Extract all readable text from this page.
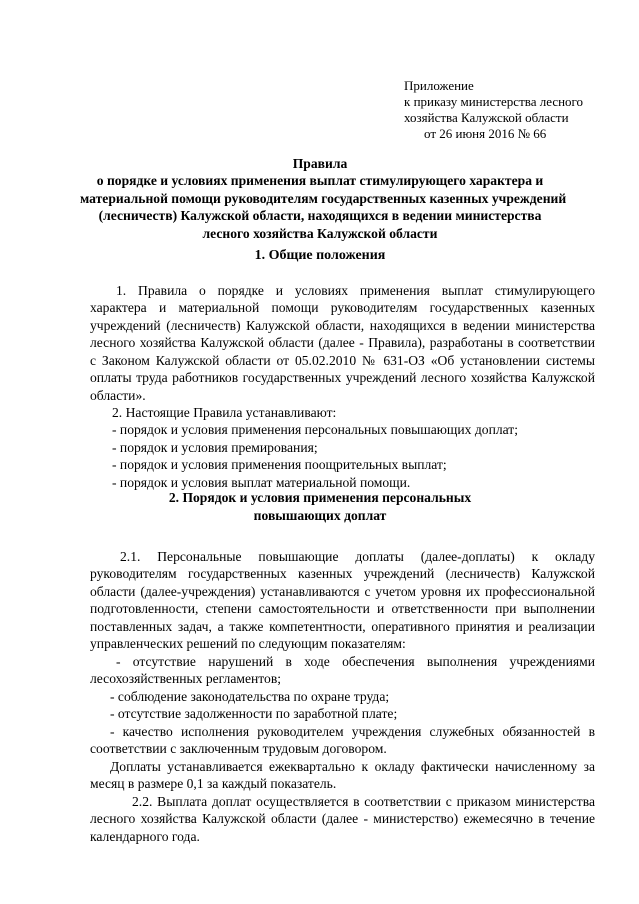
Приложение
к приказу министерства лесного
хозяйства Калужской области
от 26 июня 2016 № 66
Правила
о порядке и условиях применения выплат стимулирующего характера и
материальной помощи руководителям государственных казенных учреждений
(лесничеств) Калужской области, находящихся в ведении министерства
лесного хозяйства Калужской области
1. Общие положения
1. Правила о порядке и условиях применения выплат стимулирующего
характера и материальной помощи руководителям государственных казенных
учреждений (лесничеств) Калужской области, находящихся в ведении министерства
лесного хозяйства Калужской области (далее - Правила), разработаны в соответствии
с Законом Калужской области от 05.02.2010 № 631-ОЗ «Об установлении системы
оплаты труда работников государственных учреждений лесного хозяйства Калужской
области».
2. Настоящие Правила устанавливают:
- порядок и условия применения персональных повышающих доплат;
- порядок и условия премирования;
- порядок и условия применения поощрительных выплат;
- порядок и условия выплат материальной помощи.
2. Порядок и условия применения персональных
повышающих доплат
2.1. Персональные повышающие доплаты (далее-доплаты) к окладу
руководителям государственных казенных учреждений (лесничеств) Калужской
области (далее-учреждения) устанавливаются с учетом уровня их профессиональной
подготовленности, степени самостоятельности и ответственности при выполнении
поставленных задач, а также компетентности, оперативного принятия и реализации
управленческих решений по следующим показателям:
- отсутствие нарушений в ходе обеспечения выполнения учреждениями
лесохозяйственных регламентов;
- соблюдение законодательства по охране труда;
- отсутствие задолженности по заработной плате;
- качество исполнения руководителем учреждения служебных обязанностей в
соответствии с заключенным трудовым договором.
Доплаты устанавливается ежеквартально к окладу фактически начисленному за
месяц в размере 0,1 за каждый показатель.
2.2. Выплата доплат осуществляется в соответствии с приказом министерства
лесного хозяйства Калужской области (далее - министерство) ежемесячно в течение
календарного года.
